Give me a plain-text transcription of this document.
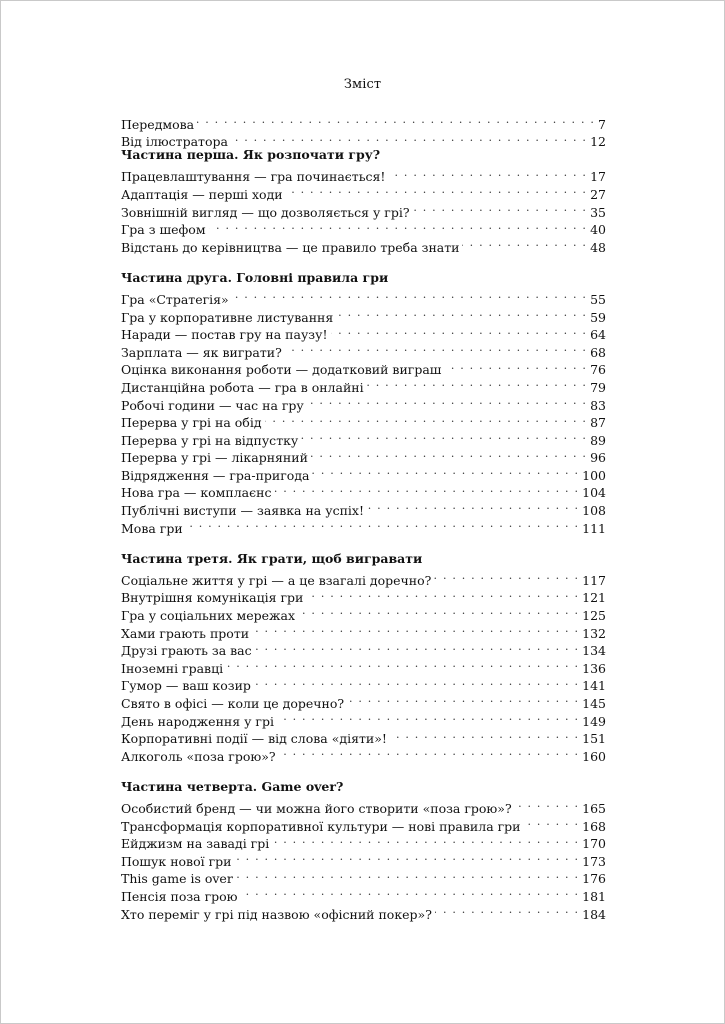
Зміст
Передмова . . .	7
Від ілюстратора . . .	12
Частина перша. Як розпочати гру?
Працевлаштування — гра починається! . . .	17
Адаптація — перші ходи . . .	27
Зовнішній вигляд — що дозволяється у грі? . . .	35
Гра з шефом . . .	40
Відстань до керівництва — це правило треба знати . . .	48
Частина друга. Головні правила гри
Гра «Стратегія» . . .	55
Гра у корпоративне листування . . .	59
Наради — постав гру на паузу! . . .	64
Зарплата — як виграти? . . .	68
Оцінка виконання роботи — додатковий виграш . . .	76
Дистанційна робота — гра в онлайні . . .	79
Робочі години — час на гру . . .	83
Перерва у грі на обід . . .	87
Перерва у грі на відпустку . . .	89
Перерва у грі — лікарняний . . .	96
Відрядження — гра-пригода . . .	100
Нова гра — комплаєнс . . .	104
Публічні виступи — заявка на успіх! . . .	108
Мова гри . . .	111
Частина третя. Як грати, щоб вигравати
Соціальне життя у грі — а це взагалі доречно? . . .	117
Внутрішня комунікація гри . . .	121
Гра у соціальних мережах . . .	125
Хами грають проти . . .	132
Друзі грають за вас . . .	134
Іноземні гравці . . .	136
Гумор — ваш козир . . .	141
Свято в офісі — коли це доречно? . . .	145
День народження у грі . . .	149
Корпоративні події — від слова «діяти»! . . .	151
Алкоголь «поза грою»? . . .	160
Частина четверта. Game over?
Особистий бренд — чи можна його створити «поза грою»? . . .	165
Трансформація корпоративної культури — нові правила гри . . .	168
Ейджизм на заваді грі . . .	170
Пошук нової гри . . .	173
This game is over . . .	176
Пенсія поза грою . . .	181
Хто переміг у грі під назвою «офісний покер»? . . .	184
